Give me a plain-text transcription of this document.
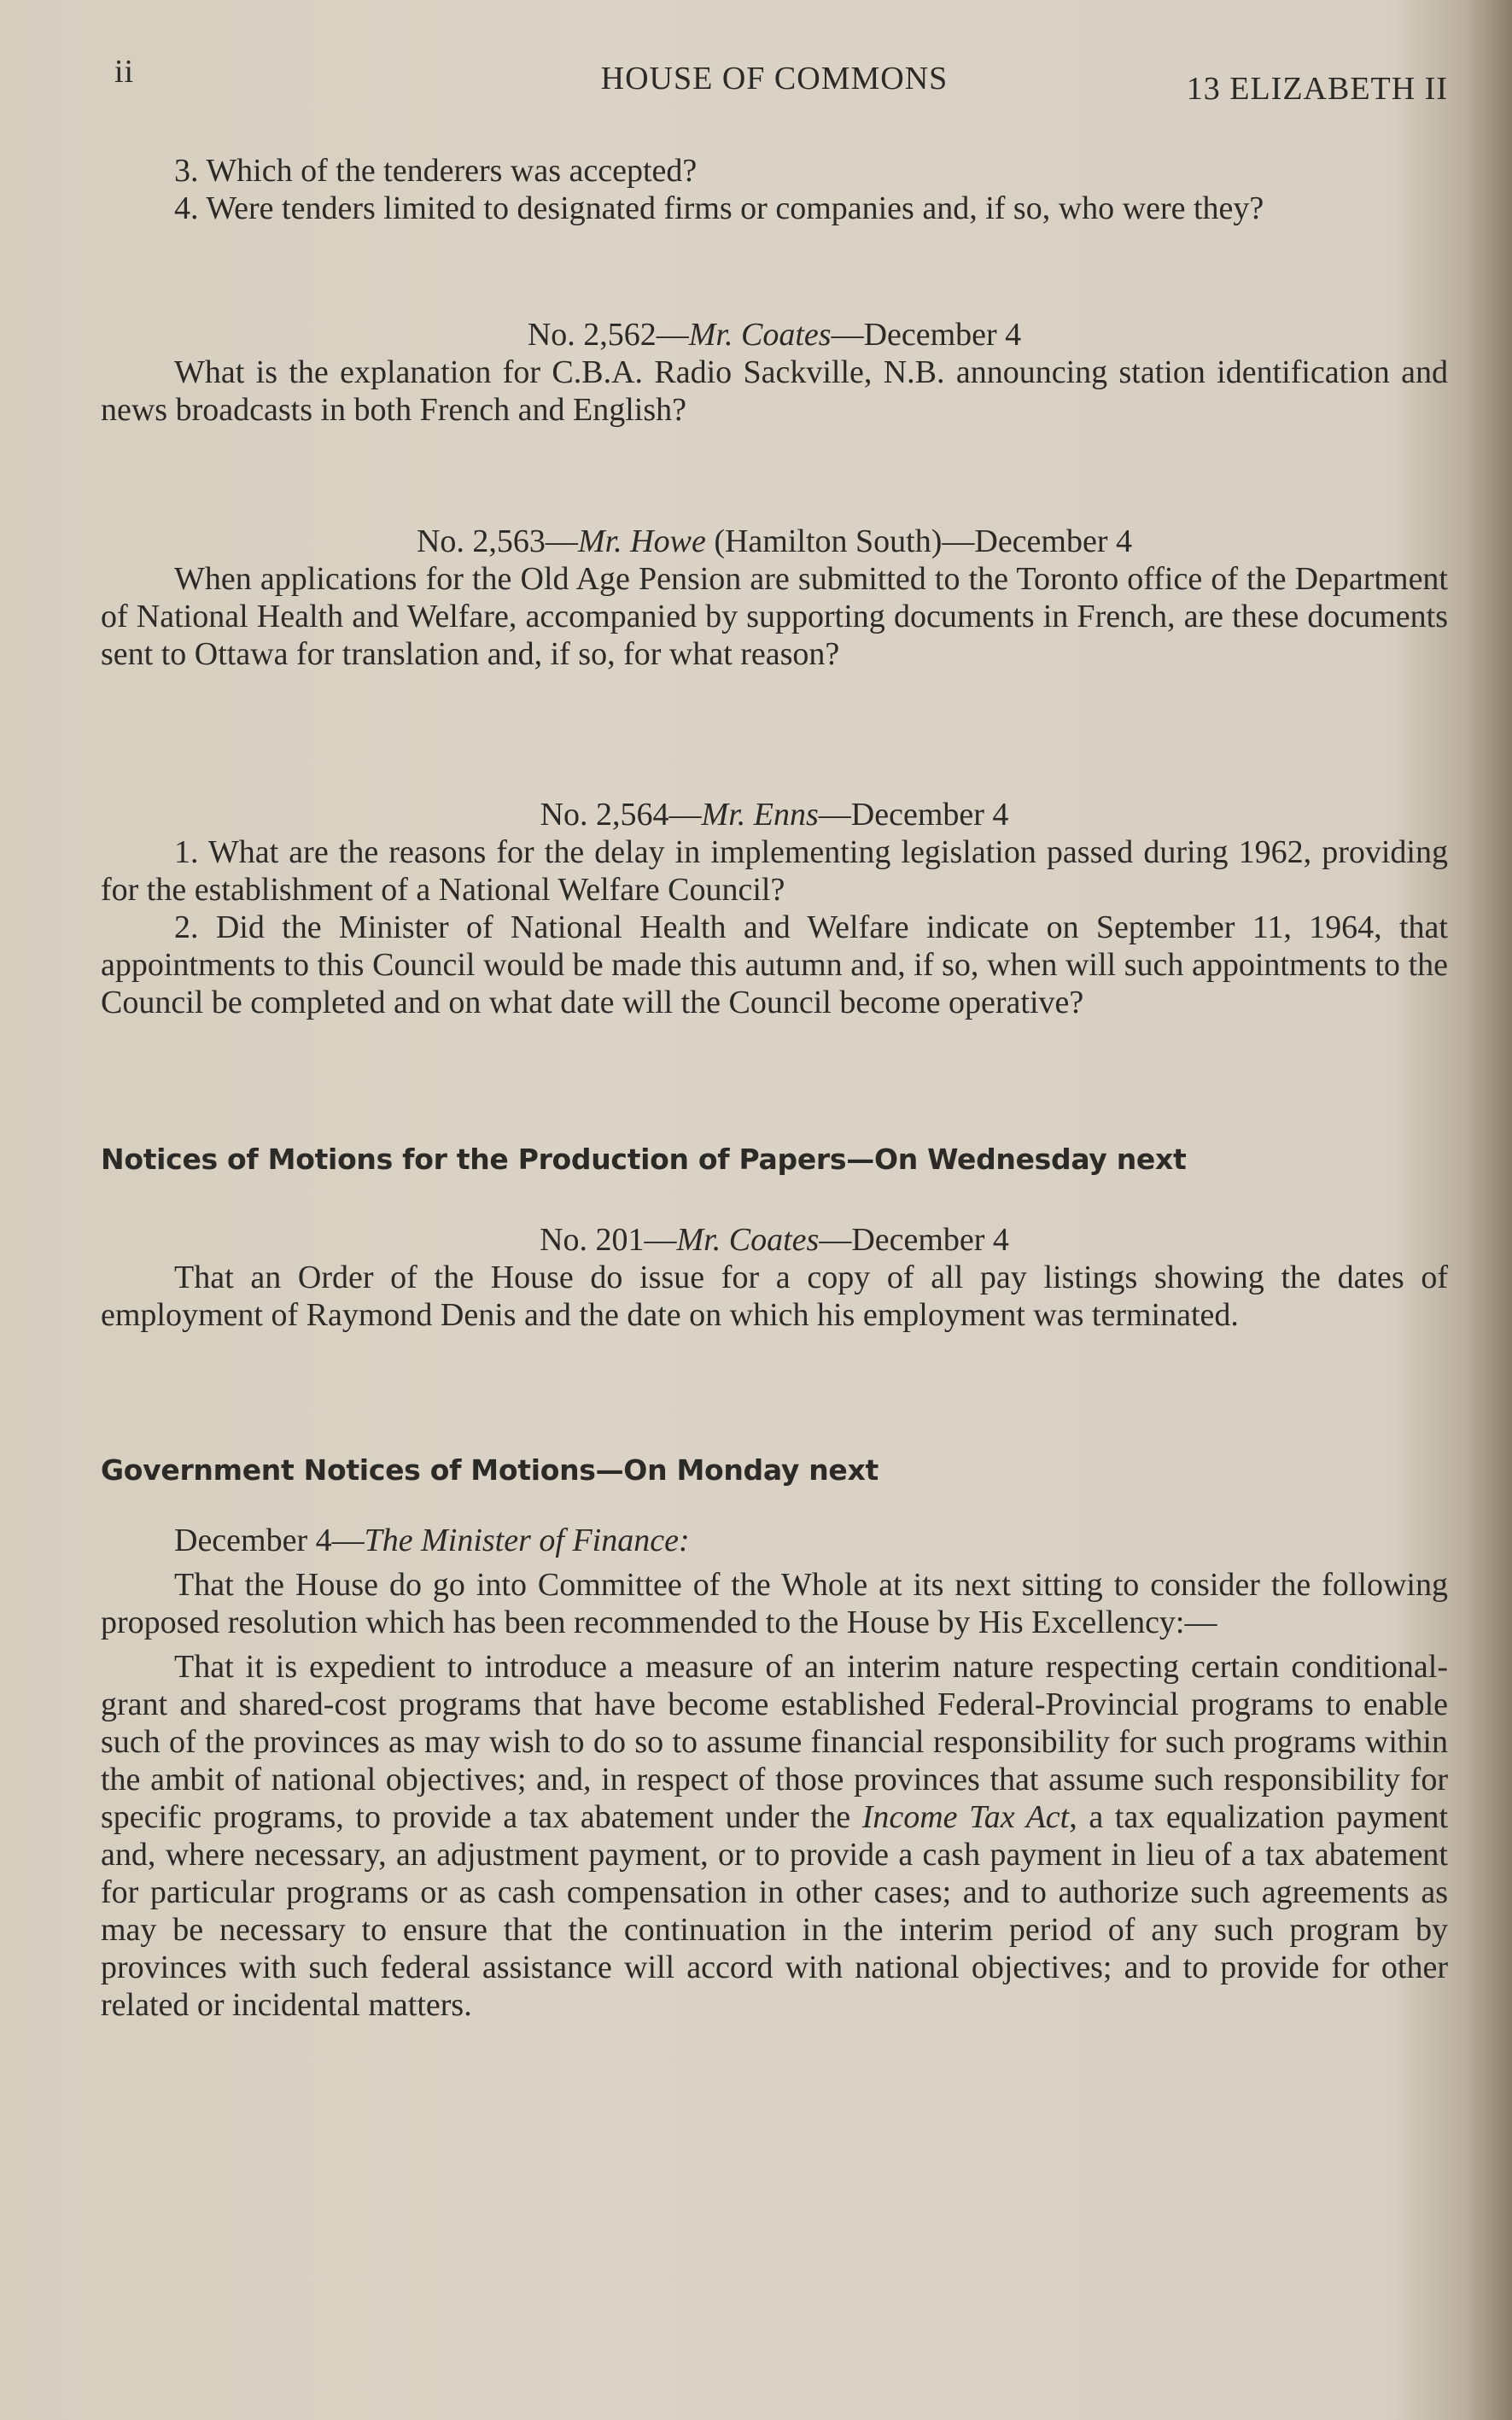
ii	HOUSE OF COMMONS	13 ELIZABETH II

3. Which of the tenderers was accepted?

4. Were tenders limited to designated firms or companies and, if so, who were they?

No. 2,562—Mr. Coates—December 4

What is the explanation for C.B.A. Radio Sackville, N.B. announcing station identification and news broadcasts in both French and English?

No. 2,563—Mr. Howe (Hamilton South)—December 4

When applications for the Old Age Pension are submitted to the Toronto office of the Department of National Health and Welfare, accompanied by supporting documents in French, are these documents sent to Ottawa for translation and, if so, for what reason?

No. 2,564—Mr. Enns—December 4

1. What are the reasons for the delay in implementing legislation passed during 1962, providing for the establishment of a National Welfare Council?

2. Did the Minister of National Health and Welfare indicate on September 11, 1964, that appointments to this Council would be made this autumn and, if so, when will such appointments to the Council be completed and on what date will the Council become operative?

Notices of Motions for the Production of Papers—On Wednesday next
No. 201—Mr. Coates—December 4

That an Order of the House do issue for a copy of all pay listings showing the dates of employment of Raymond Denis and the date on which his employment was terminated.

Government Notices of Motions—On Monday next

December 4—The Minister of Finance:

That the House do go into Committee of the Whole at its next sitting to consider the following proposed resolution which has been recommended to the House by His Excellency:—

That it is expedient to introduce a measure of an interim nature respecting certain conditional-grant and shared-cost programs that have become established Federal-Provincial programs to enable such of the provinces as may wish to do so to assume financial responsibility for such programs within the ambit of national objectives; and, in respect of those provinces that assume such responsibility for specific programs, to provide a tax abatement under the Income Tax Act, a tax equalization payment and, where necessary, an adjustment payment, or to provide a cash payment in lieu of a tax abatement for particular programs or as cash compensation in other cases; and to authorize such agreements as may be necessary to ensure that the continuation in the interim period of any such program by provinces with such federal assistance will accord with national objectives; and to provide for other related or incidental matters.
